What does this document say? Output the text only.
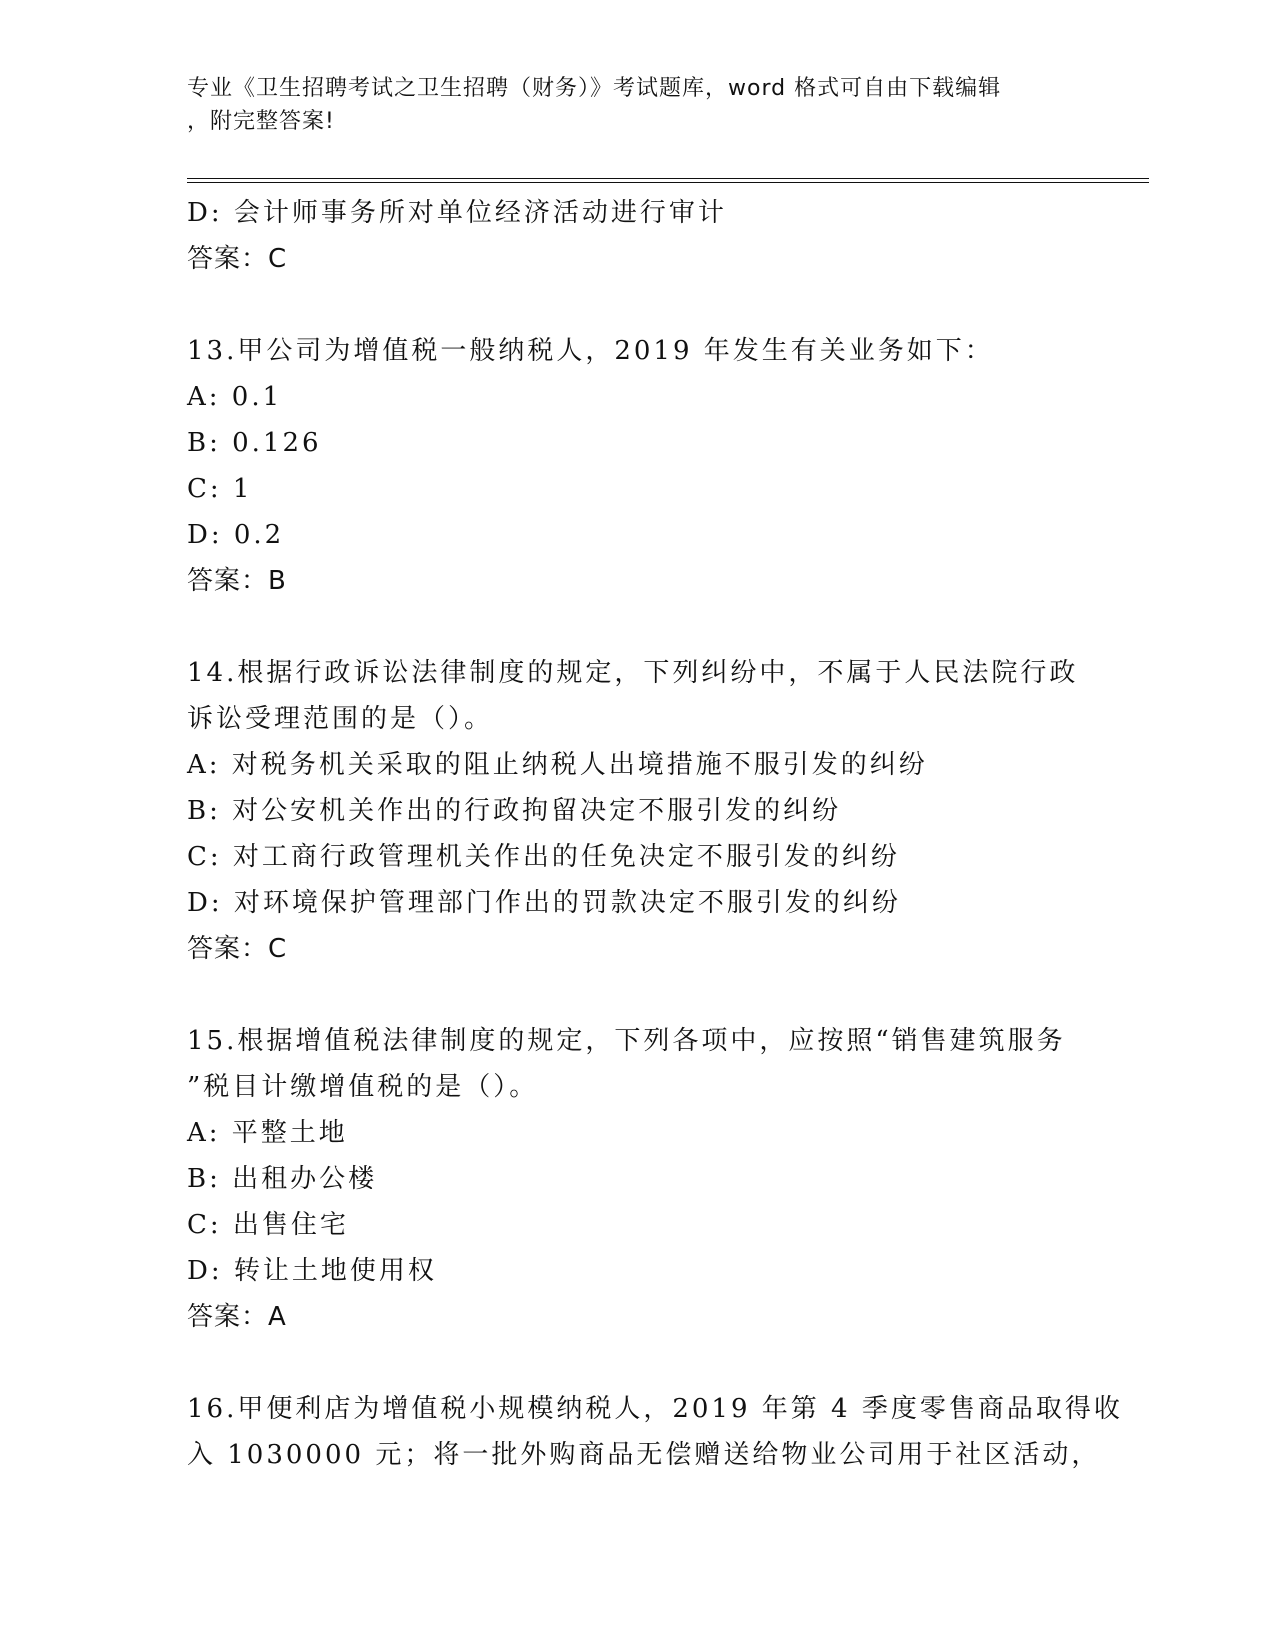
专业《卫生招聘考试之卫生招聘（财务）》考试题库，word 格式可自由下载编辑
，附完整答案!
D: 会计师事务所对单位经济活动进行审计
答案：C
13.甲公司为增值税一般纳税人，2019 年发生有关业务如下：
A: 0.1
B: 0.126
C: 1
D: 0.2
答案：B
14.根据行政诉讼法律制度的规定，下列纠纷中，不属于人民法院行政
诉讼受理范围的是（）。
A: 对税务机关采取的阻止纳税人出境措施不服引发的纠纷
B: 对公安机关作出的行政拘留决定不服引发的纠纷
C: 对工商行政管理机关作出的任免决定不服引发的纠纷
D: 对环境保护管理部门作出的罚款决定不服引发的纠纷
答案：C
15.根据增值税法律制度的规定，下列各项中，应按照“销售建筑服务
”税目计缴增值税的是（）。
A: 平整土地
B: 出租办公楼
C: 出售住宅
D: 转让土地使用权
答案：A
16.甲便利店为增值税小规模纳税人，2019 年第 4 季度零售商品取得收
入 1030000 元；将一批外购商品无偿赠送给物业公司用于社区活动，
